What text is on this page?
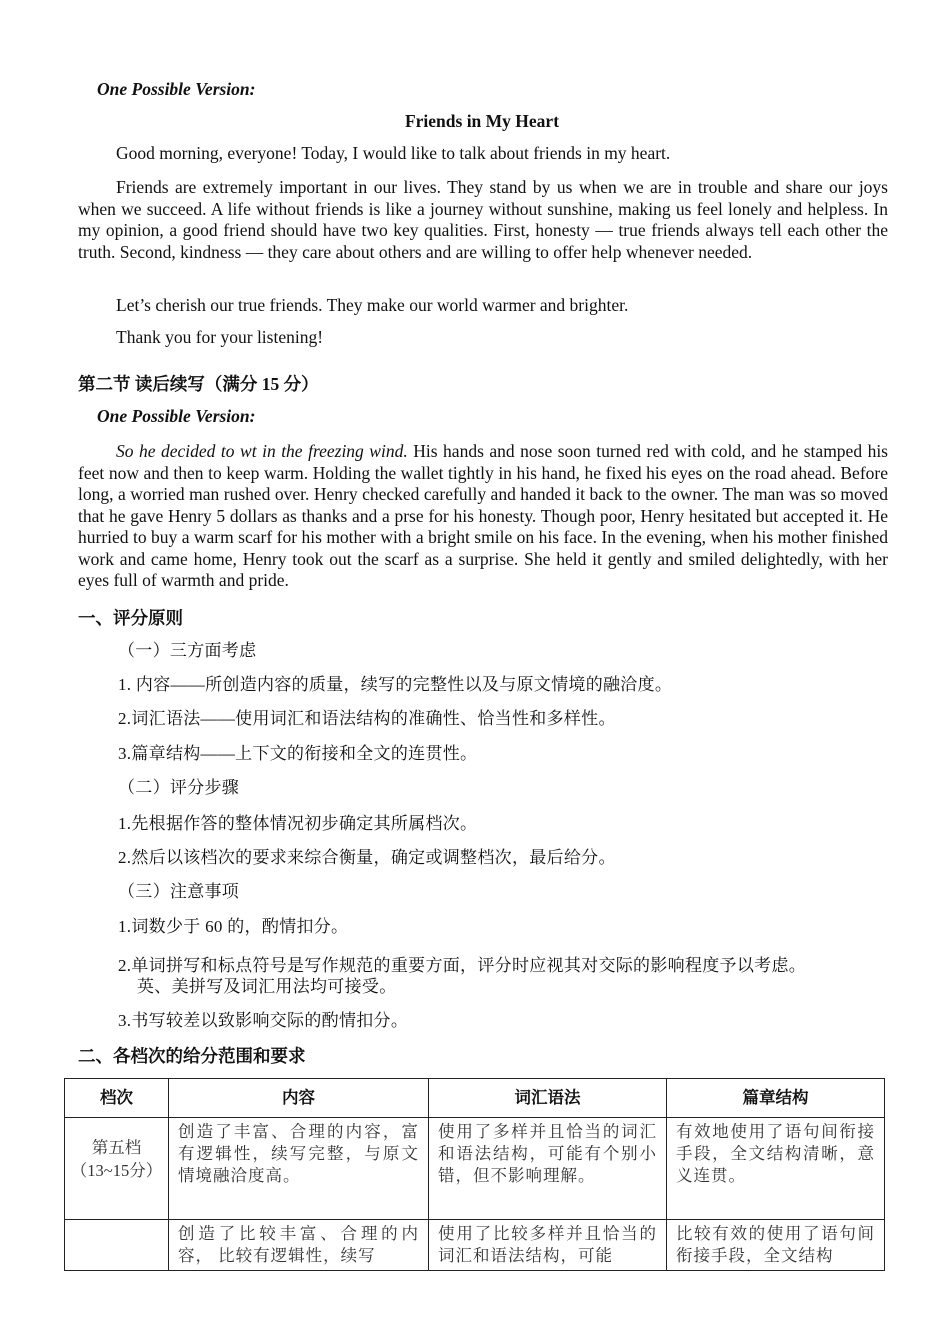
One Possible Version:
Friends in My Heart
Good morning, everyone! Today, I would like to talk about friends in my heart.
Friends are extremely important in our lives. They stand by us when we are in trouble and share our joys when we succeed. A life without friends is like a journey without sunshine, making us feel lonely and helpless. In my opinion, a good friend should have two key qualities. First, honesty — true friends always tell each other the truth. Second, kindness — they care about others and are willing to offer help whenever needed.
Let’s cherish our true friends. They make our world warmer and brighter.
Thank you for your listening!
第二节 读后续写（满分 15 分）
One Possible Version:
So he decided to wt in the freezing wind. His hands and nose soon turned red with cold, and he stamped his feet now and then to keep warm. Holding the wallet tightly in his hand, he fixed his eyes on the road ahead. Before long, a worried man rushed over. Henry checked carefully and handed it back to the owner. The man was so moved that he gave Henry 5 dollars as thanks and a prse for his honesty. Though poor, Henry hesitated but accepted it. He hurried to buy a warm scarf for his mother with a bright smile on his face. In the evening, when his mother finished work and came home, Henry took out the scarf as a surprise. She held it gently and smiled delightedly, with her eyes full of warmth and pride.
一、评分原则
（一）三方面考虑
1. 内容——所创造内容的质量，续写的完整性以及与原文情境的融洽度。
2.词汇语法——使用词汇和语法结构的准确性、恰当性和多样性。
3.篇章结构——上下文的衔接和全文的连贯性。
（二）评分步骤
1.先根据作答的整体情况初步确定其所属档次。
2.然后以该档次的要求来综合衡量，确定或调整档次，最后给分。
（三）注意事项
1.词数少于 60 的，酌情扣分。
2.单词拼写和标点符号是写作规范的重要方面，评分时应视其对交际的影响程度予以考虑。
英、美拼写及词汇用法均可接受。
3.书写较差以致影响交际的酌情扣分。
二、各档次的给分范围和要求
档次	内容	词汇语法	篇章结构

第五档（13~15分）	创造了丰富、合理的内容，富有逻辑性，续写完整，与原文情境融洽度高。	使用了多样并且恰当的词汇和语法结构，可能有个别小错，但不影响理解。	有效地使用了语句间衔接手段，全文结构清晰，意义连贯。

	创造了比较丰富、合理的内容， 比较有逻辑性，续写	使用了比较多样并且恰当的词汇和语法结构，可能	比较有效的使用了语句间衔接手段，全文结构
